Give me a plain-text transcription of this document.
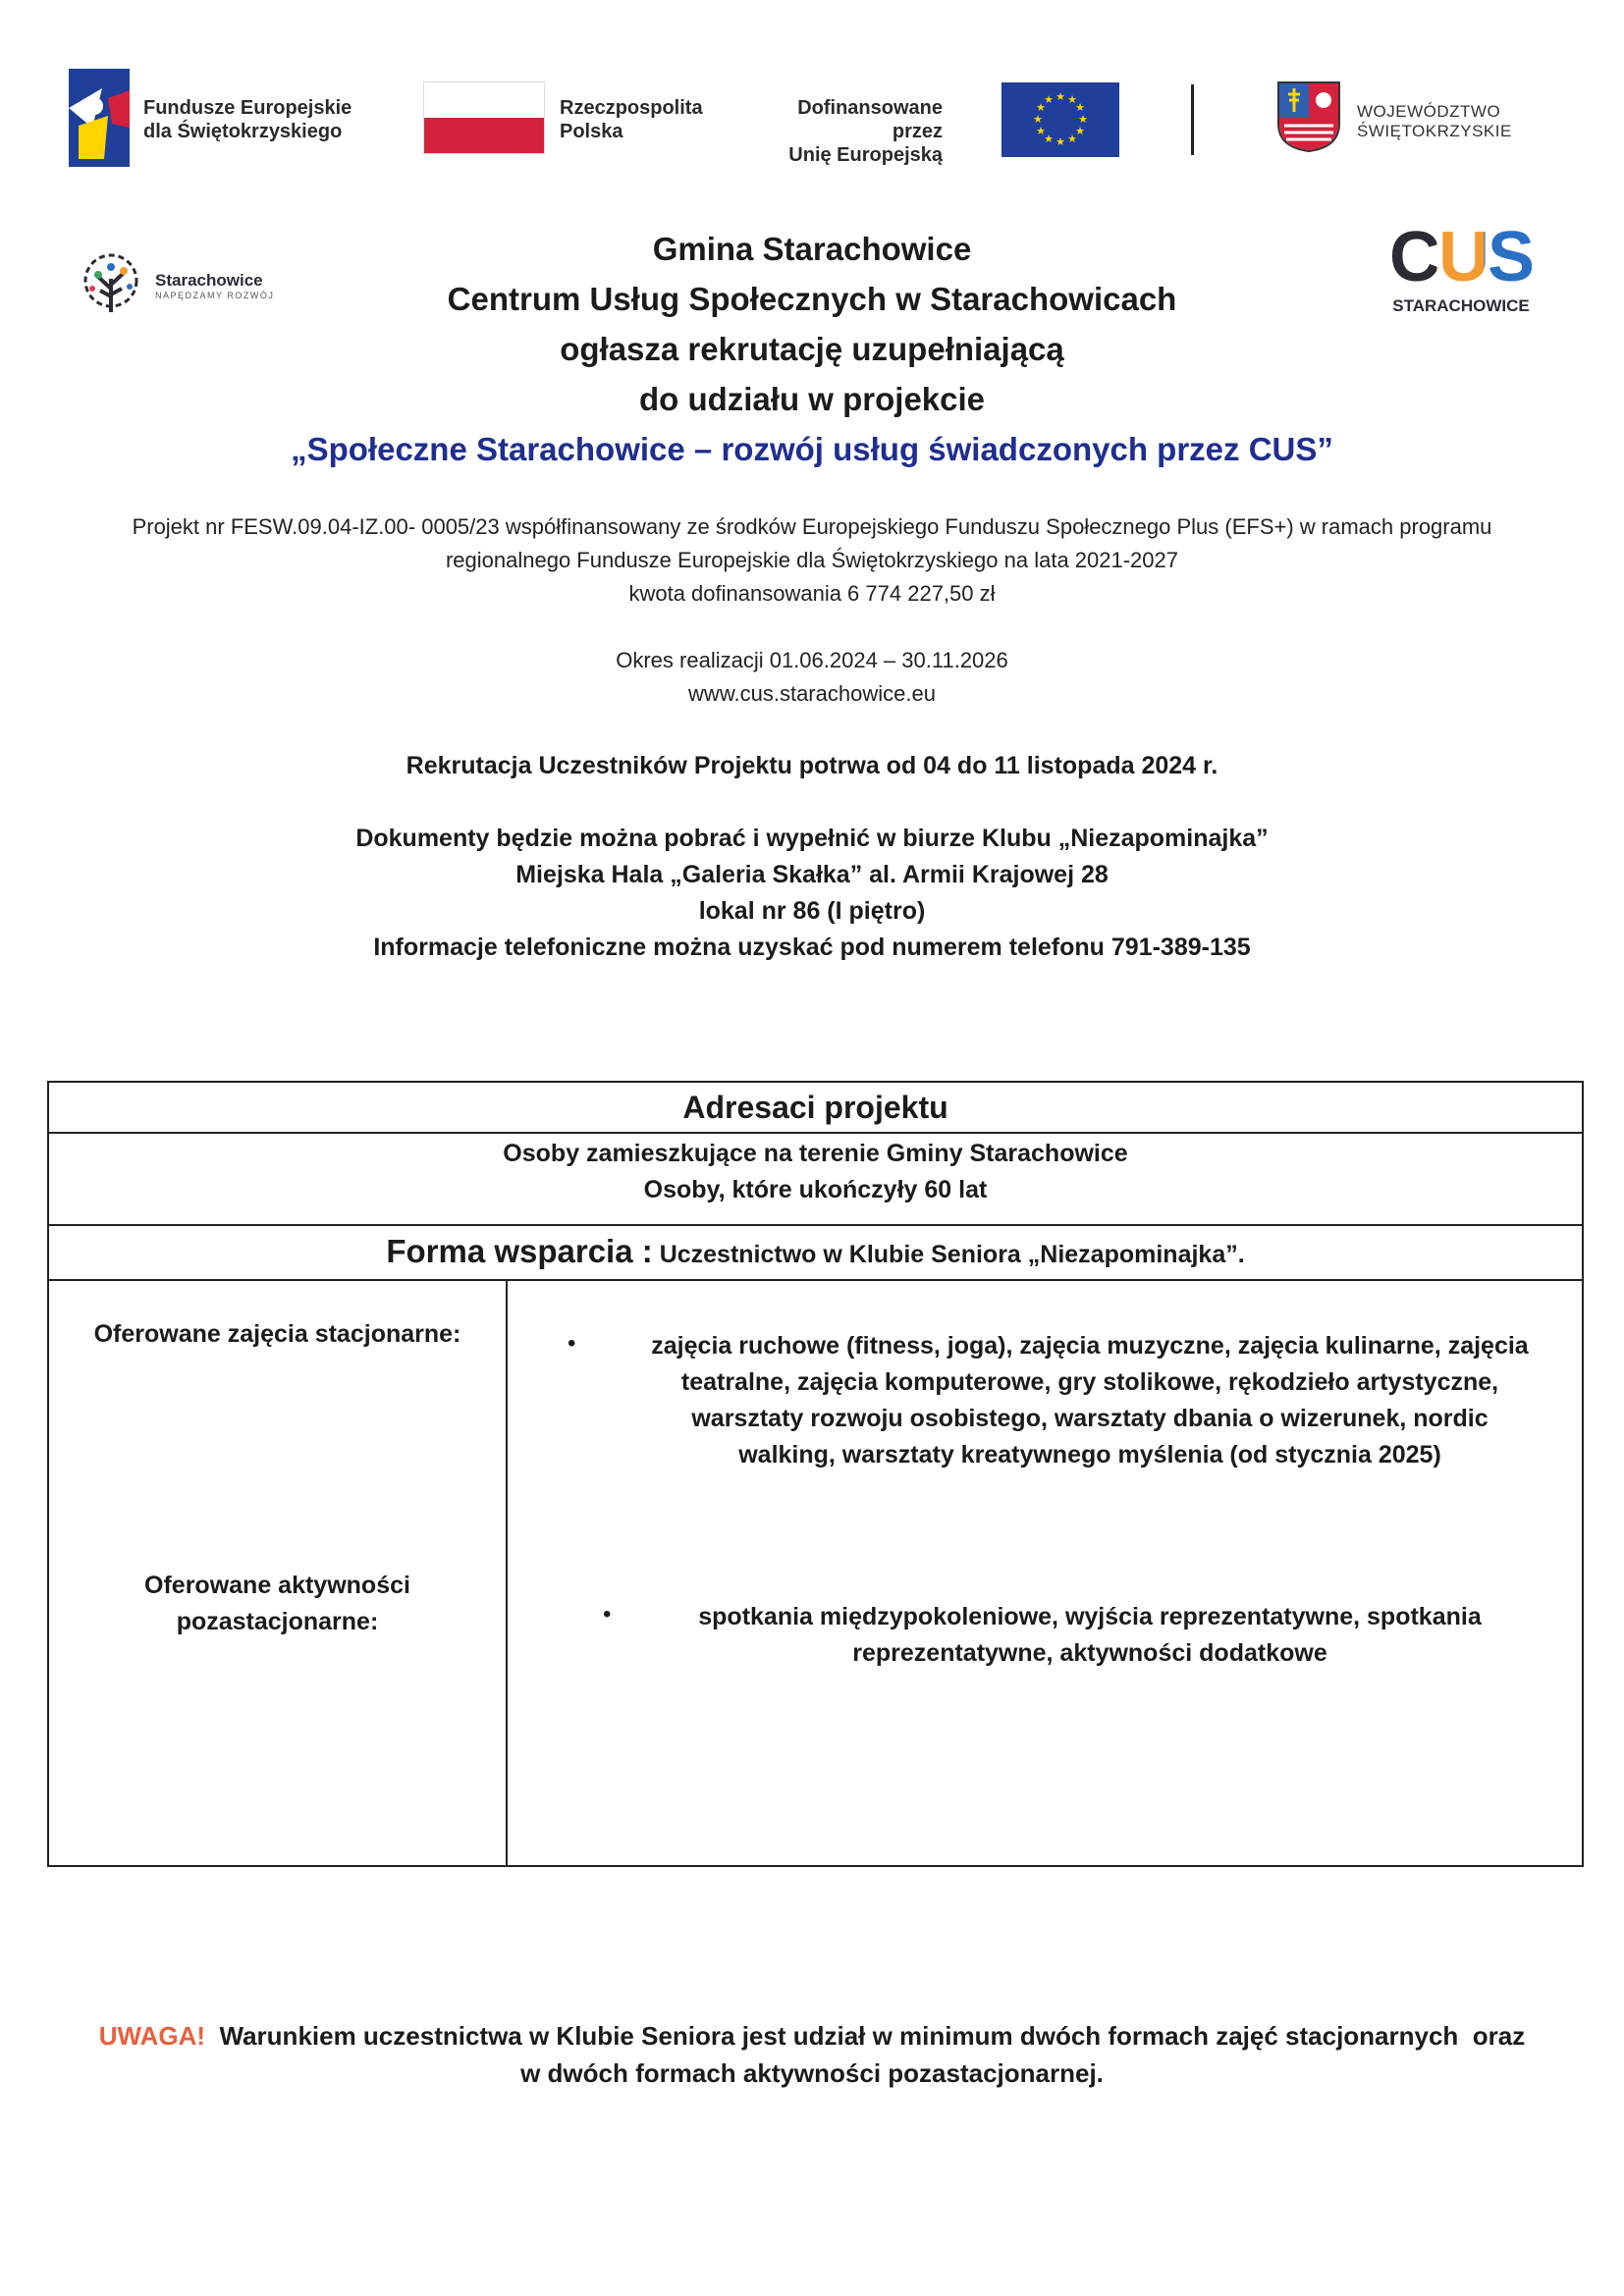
Fundusze Europejskie
dla Świętokrzyskiego
Rzeczpospolita
Polska
Dofinansowane przez
Unię Europejską
★ ★
★
★
★
★
★
★
★
★
★
★
WOJEWÓDZTWO
ŚWIĘTOKRZYSKIE
Starachowice
NAPĘDZAMY ROZWÓJ	CUS
STARACHOWICE
Gmina Starachowice
Centrum Usług Społecznych w Starachowicach
ogłasza rekrutację uzupełniającą
do udziału w projekcie
„Społeczne Starachowice – rozwój usług świadczonych przez CUS”
Projekt nr FESW.09.04-IZ.00- 0005/23 współfinansowany ze środków Europejskiego Funduszu Społecznego Plus (EFS+) w ramach programu
regionalnego Fundusze Europejskie dla Świętokrzyskiego na lata 2021-2027
kwota dofinansowania 6 774 227,50 zł
Okres realizacji 01.06.2024 – 30.11.2026
www.cus.starachowice.eu
Rekrutacja Uczestników Projektu potrwa od 04 do 11 listopada 2024 r.
Dokumenty będzie można pobrać i wypełnić w biurze Klubu „Niezapominajka”
Miejska Hala „Galeria Skałka” al. Armii Krajowej 28
lokal nr 86 (I piętro)
Informacje telefoniczne można uzyskać pod numerem telefonu 791-389-135
Adresaci projektu
Osoby zamieszkujące na terenie Gminy Starachowice
Osoby, które ukończyły 60 lat
Forma wsparcia : Uczestnictwo w Klubie Seniora „Niezapominajka”.
Oferowane zajęcia stacjonarne:	•	zajęcia ruchowe (fitness, joga), zajęcia muzyczne, zajęcia kulinarne, zajęcia
teatralne, zajęcia komputerowe, gry stolikowe, rękodzieło artystyczne,
warsztaty rozwoju osobistego, warsztaty dbania o wizerunek, nordic
walking, warsztaty kreatywnego myślenia (od stycznia 2025)
Oferowane aktywności
pozastacjonarne:	•	spotkania międzypokoleniowe, wyjścia reprezentatywne, spotkania
reprezentatywne, aktywności dodatkowe
UWAGA!  Warunkiem uczestnictwa w Klubie Seniora jest udział w minimum dwóch formach zajęć stacjonarnych  oraz
w dwóch formach aktywności pozastacjonarnej.
